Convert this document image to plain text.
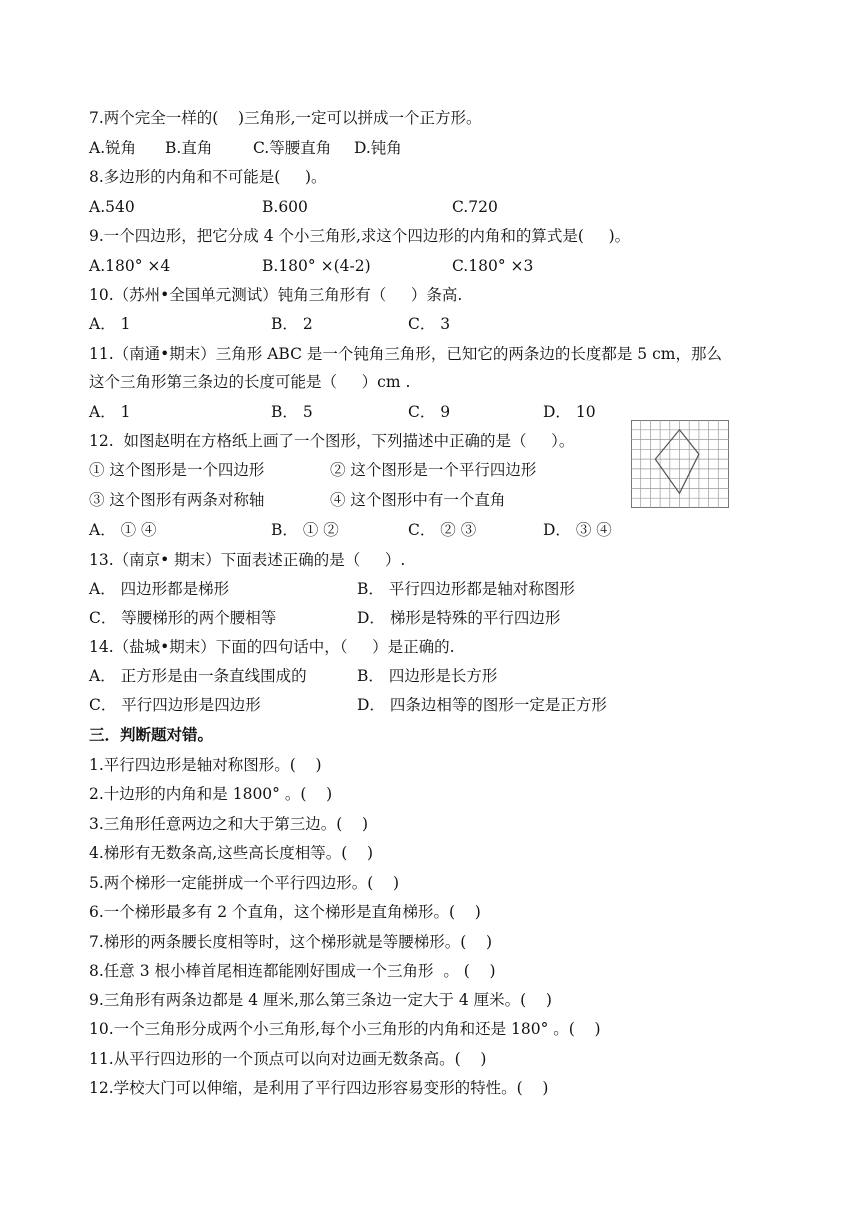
7.两个完全一样的(    )三角形,一定可以拼成一个正方形。
A.锐角 B.直角	C.等腰直角 D.钝角
8.多边形的内角和不可能是(     )。
A.540	B.600	C.720
9.一个四边形，把它分成 4 个小三角形,求这个四边形的内角和的算式是(     )。
A.180° ×4	B.180° ×(4-2)	C.180° ×3
10.（苏州•全国单元测试）钝角三角形有（     ）条高.
A． 1	B． 2	C． 3
11.（南通•期末）三角形 ABC 是一个钝角三角形，已知它的两条边的长度都是 5 cm，那么
这个三角形第三条边的长度可能是（     ）cm .
A． 1	B． 5	C． 9	D． 10
12.  如图赵明在方格纸上画了一个图形，下列描述中正确的是（     ）。
① 这个图形是一个四边形	② 这个图形是一个平行四边形
③ 这个图形有两条对称轴	④ 这个图形中有一个直角
A． ① ④	B． ① ②	C． ② ③	D． ③ ④
13.（南京• 期末）下面表述正确的是（     ）.
A． 四边形都是梯形	B． 平行四边形都是轴对称图形
C． 等腰梯形的两个腰相等	D． 梯形是特殊的平行四边形
14.（盐城•期末）下面的四句话中，（     ）是正确的.
A． 正方形是由一条直线围成的	B． 四边形是长方形
C． 平行四边形是四边形	D． 四条边相等的图形一定是正方形
三．判断题对错。
1.平行四边形是轴对称图形。(    )
2.十边形的内角和是 1800° 。(    )
3.三角形任意两边之和大于第三边。(    )
4.梯形有无数条高,这些高长度相等。(    )
5.两个梯形一定能拼成一个平行四边形。(    )
6.一个梯形最多有 2 个直角，这个梯形是直角梯形。(    )
7.梯形的两条腰长度相等时，这个梯形就是等腰梯形。(    )
8.任意 3 根小棒首尾相连都能刚好围成一个三角形  。 (    )
9.三角形有两条边都是 4 厘米,那么第三条边一定大于 4 厘米。(    )
10.一个三角形分成两个小三角形,每个小三角形的内角和还是 180° 。(    )
11.从平行四边形的一个顶点可以向对边画无数条高。(    )
12.学校大门可以伸缩，是利用了平行四边形容易变形的特性。(    )
